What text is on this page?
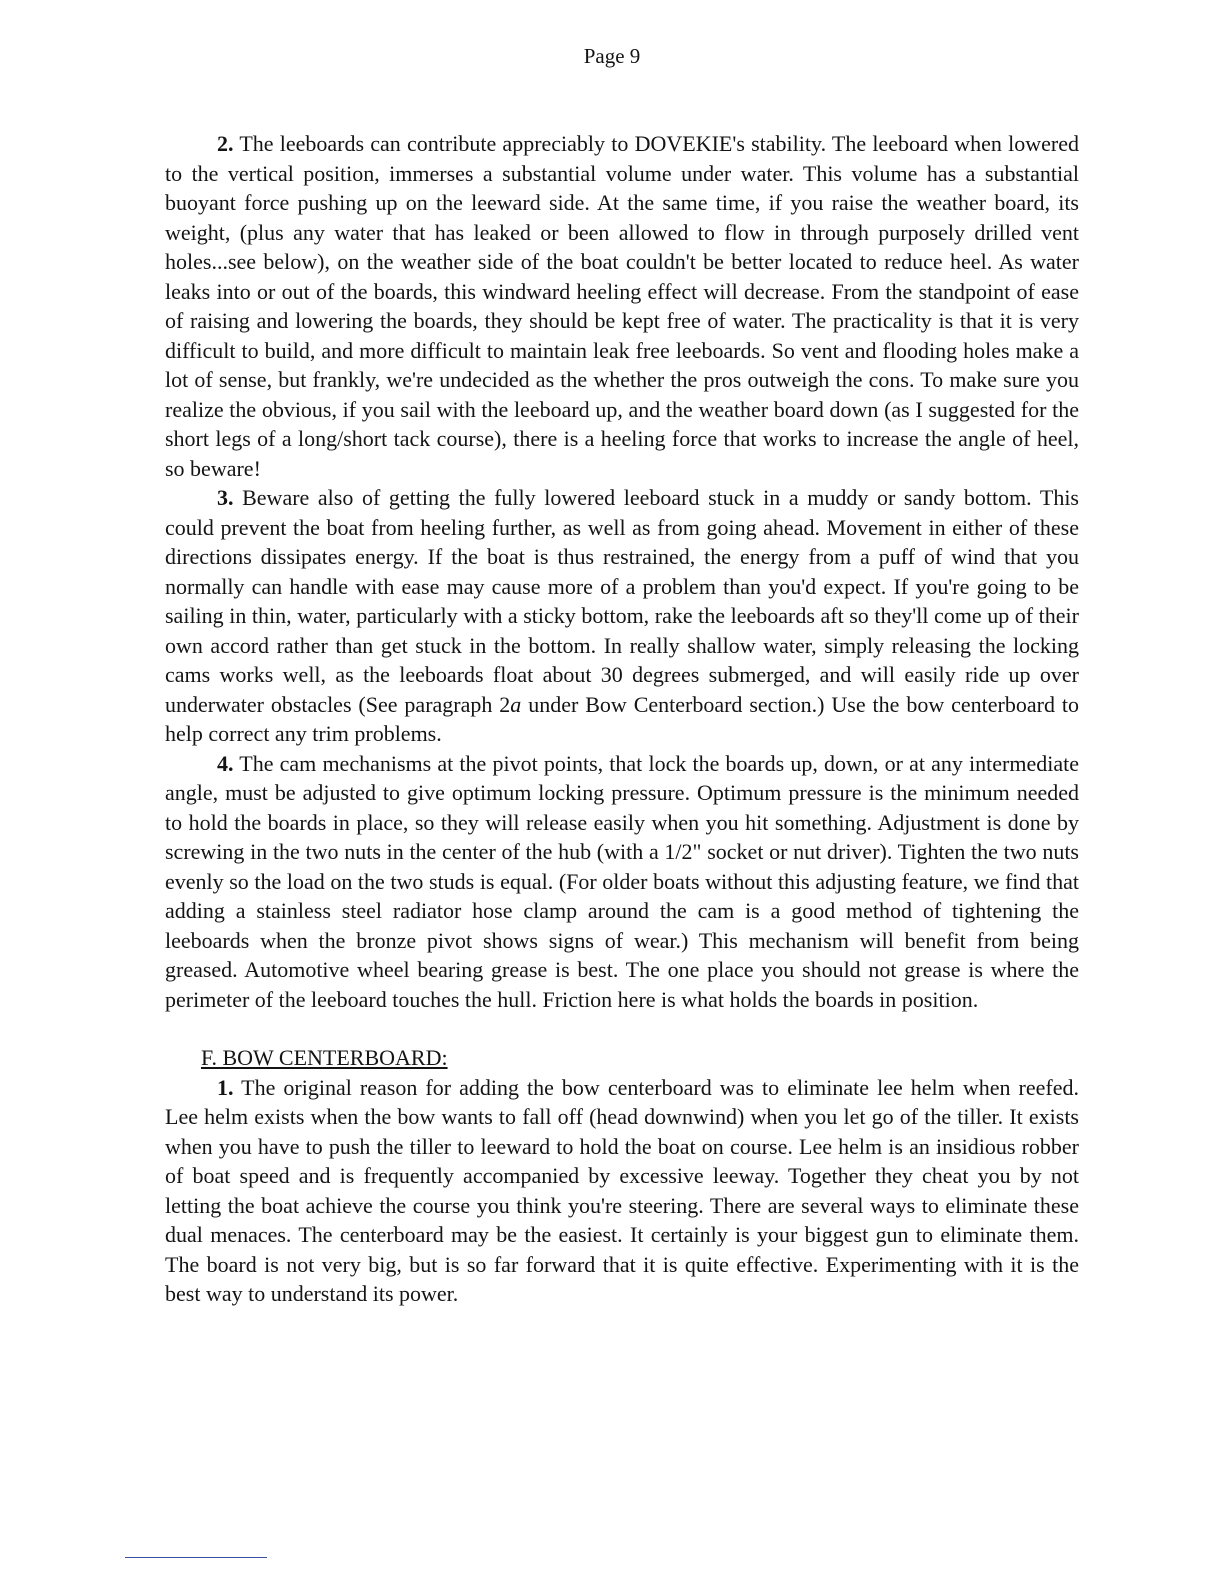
Page 9

2. The leeboards can contribute appreciably to DOVEKIE's stability. The leeboard when lowered to the vertical position, immerses a substantial volume under water. This volume has a substantial buoyant force pushing up on the leeward side. At the same time, if you raise the weather board, its weight, (plus any water that has leaked or been allowed to flow in through purposely drilled vent holes...see below), on the weather side of the boat couldn't be better located to reduce heel. As water leaks into or out of the boards, this windward heeling effect will decrease. From the standpoint of ease of raising and lowering the boards, they should be kept free of water. The practicality is that it is very difficult to build, and more difficult to maintain leak free leeboards. So vent and flooding holes make a lot of sense, but frankly, we're undecided as the whether the pros outweigh the cons. To make sure you realize the obvious, if you sail with the leeboard up, and the weather board down (as I suggested for the short legs of a long/short tack course), there is a heeling force that works to increase the angle of heel, so beware!

3. Beware also of getting the fully lowered leeboard stuck in a muddy or sandy bottom. This could prevent the boat from heeling further, as well as from going ahead. Movement in either of these directions dissipates energy. If the boat is thus restrained, the energy from a puff of wind that you normally can handle with ease may cause more of a problem than you'd expect. If you're going to be sailing in thin, water, particularly with a sticky bottom, rake the leeboards aft so they'll come up of their own accord rather than get stuck in the bottom. In really shallow water, simply releasing the locking cams works well, as the leeboards float about 30 degrees submerged, and will easily ride up over underwater obstacles (See paragraph 2a under Bow Centerboard section.) Use the bow centerboard to help correct any trim problems.

4. The cam mechanisms at the pivot points, that lock the boards up, down, or at any intermediate angle, must be adjusted to give optimum locking pressure. Optimum pressure is the minimum needed to hold the boards in place, so they will release easily when you hit something. Adjustment is done by screwing in the two nuts in the center of the hub (with a 1/2" socket or nut driver). Tighten the two nuts evenly so the load on the two studs is equal. (For older boats without this adjusting feature, we find that adding a stainless steel radiator hose clamp around the cam is a good method of tightening the leeboards when the bronze pivot shows signs of wear.) This mechanism will benefit from being greased. Automotive wheel bearing grease is best. The one place you should not grease is where the perimeter of the leeboard touches the hull. Friction here is what holds the boards in position.

F. BOW CENTERBOARD:

1. The original reason for adding the bow centerboard was to eliminate lee helm when reefed. Lee helm exists when the bow wants to fall off (head downwind) when you let go of the tiller. It exists when you have to push the tiller to leeward to hold the boat on course. Lee helm is an insidious robber of boat speed and is frequently accompanied by excessive leeway. Together they cheat you by not letting the boat achieve the course you think you're steering. There are several ways to eliminate these dual menaces. The centerboard may be the easiest. It certainly is your biggest gun to eliminate them. The board is not very big, but is so far forward that it is quite effective. Experimenting with it is the best way to understand its power.
